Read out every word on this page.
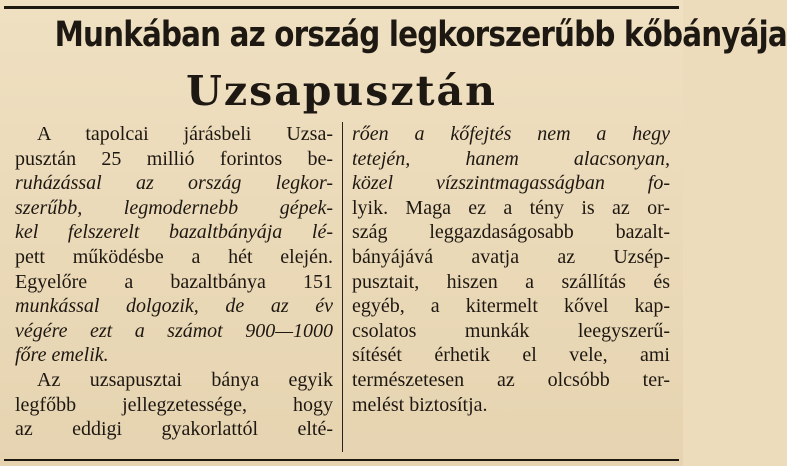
Munkában az ország legkorszerűbb kőbányája
Uzsapusztán
A tapolcai járásbeli Uzsa-
pusztán 25 millió forintos be-
ruházással az ország legkor-
szerűbb, legmodernebb gépek-
kel felszerelt bazaltbányája lé-
pett működésbe a hét elején.
Egyelőre a bazaltbánya 151
munkással dolgozik, de az év
végére ezt a számot 900—1000
főre emelik.
Az uzsapusztai bánya egyik
legfőbb jellegzetessége, hogy
az eddigi gyakorlattól elté-
rően a kőfejtés nem a hegy
tetején, hanem alacsonyan,
közel vízszintmagasságban fo-
lyik. Maga ez a tény is az or-
szág leggazdaságosabb bazalt-
bányájává avatja az Uzsép-
pusztait, hiszen a szállítás és
egyéb, a kitermelt kővel kap-
csolatos munkák leegyszerű-
sítését érhetik el vele, ami
természetesen az olcsóbb ter-
melést biztosítja.
